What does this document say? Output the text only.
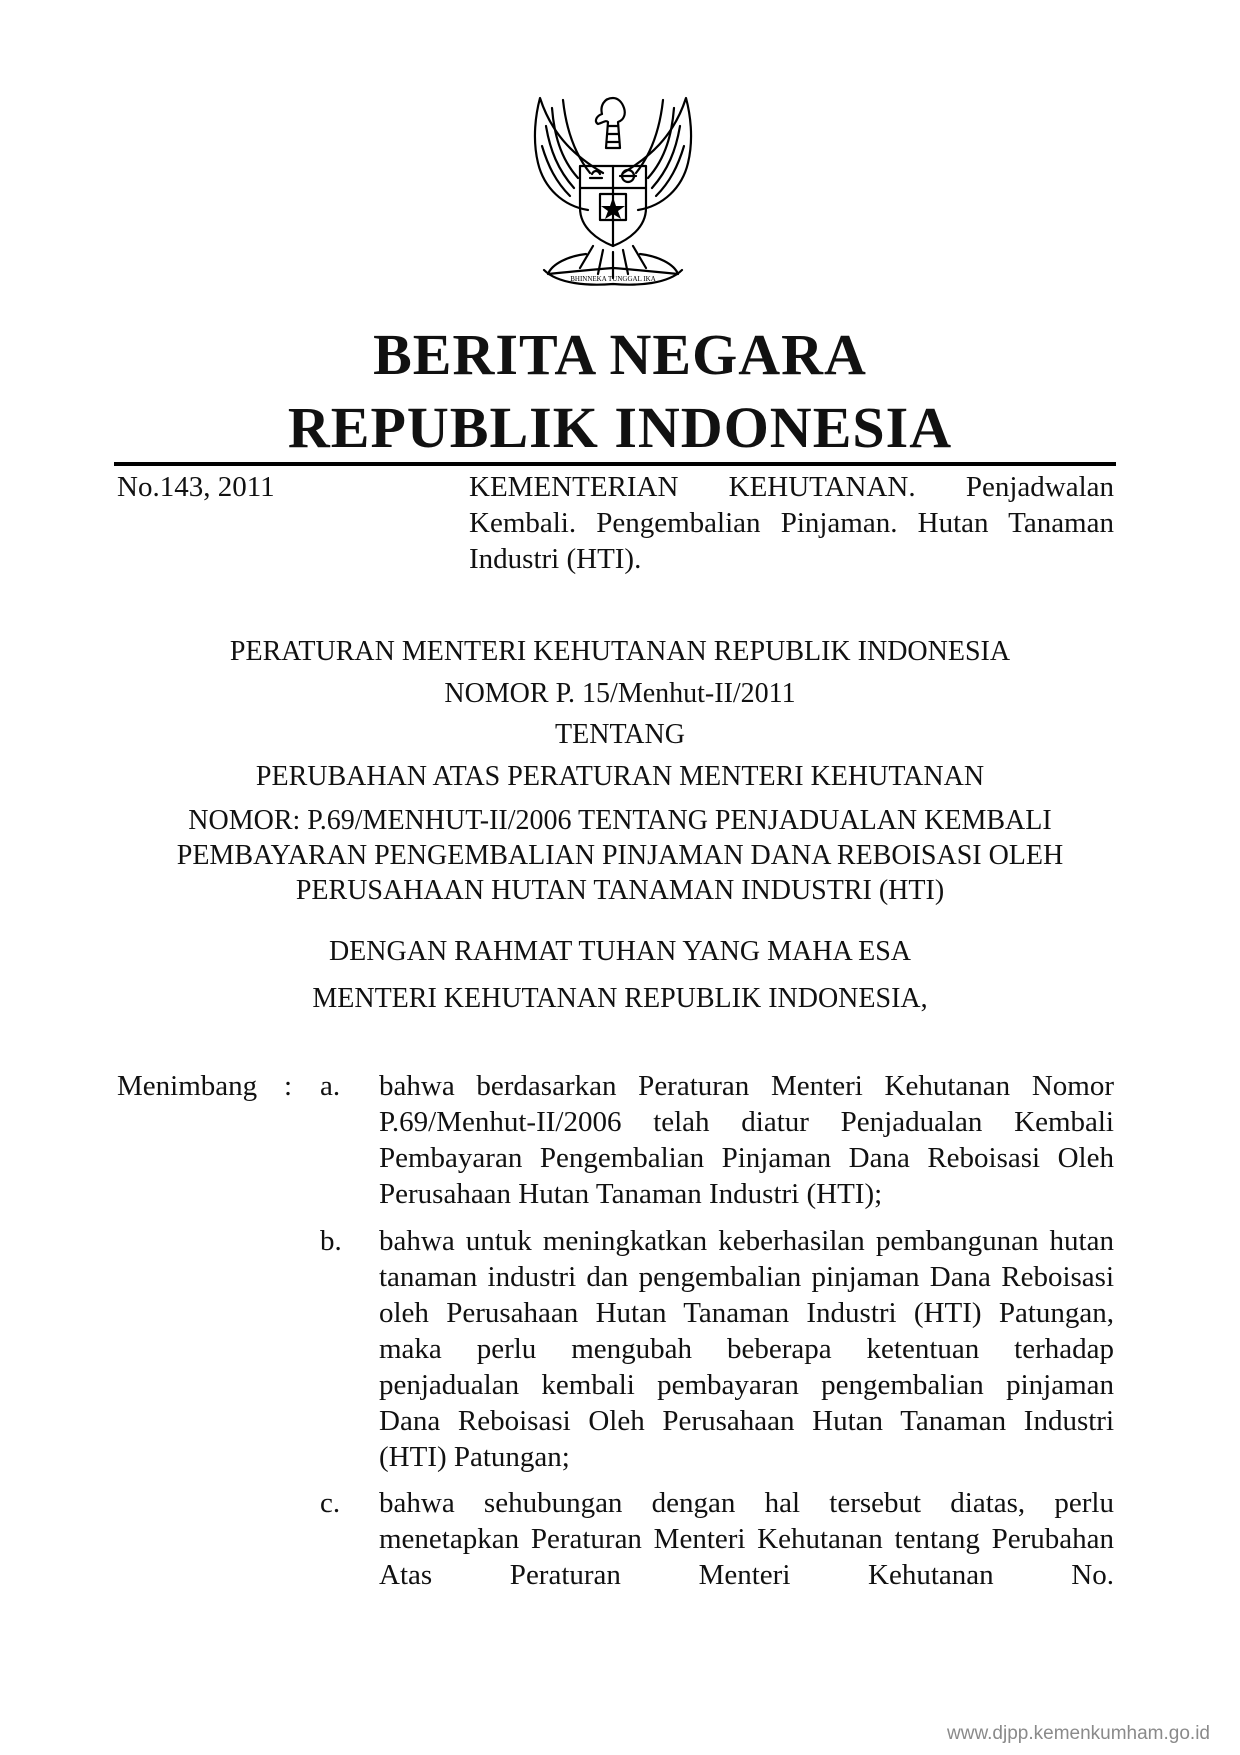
BHINNEKA TUNGGAL IKA
BERITA NEGARA
REPUBLIK INDONESIA
No.143, 2011	KEMENTERIAN KEHUTANAN. Penjadwalan Kembali. Pengembalian Pinjaman. Hutan Tanaman Industri (HTI).
PERATURAN MENTERI KEHUTANAN REPUBLIK INDONESIA
NOMOR P. 15/Menhut-II/2011
TENTANG
PERUBAHAN ATAS PERATURAN MENTERI KEHUTANAN
NOMOR: P.69/MENHUT-II/2006 TENTANG PENJADUALAN KEMBALI
PEMBAYARAN PENGEMBALIAN PINJAMAN DANA REBOISASI OLEH
PERUSAHAAN HUTAN TANAMAN INDUSTRI (HTI)
DENGAN RAHMAT TUHAN YANG MAHA ESA
MENTERI KEHUTANAN REPUBLIK INDONESIA,
Menimbang : a. bahwa berdasarkan Peraturan Menteri Kehutanan Nomor P.69/Menhut-II/2006 telah diatur Penjadualan Kembali Pembayaran Pengembalian Pinjaman Dana Reboisasi Oleh Perusahaan Hutan Tanaman Industri (HTI);
b. bahwa untuk meningkatkan keberhasilan pembangunan hutan tanaman industri dan pengembalian pinjaman Dana Reboisasi oleh Perusahaan Hutan Tanaman Industri (HTI) Patungan, maka perlu mengubah beberapa ketentuan terhadap penjadualan kembali pembayaran pengembalian pinjaman Dana Reboisasi Oleh Perusahaan Hutan Tanaman Industri (HTI) Patungan;
c. bahwa sehubungan dengan hal tersebut diatas, perlu menetapkan Peraturan Menteri Kehutanan tentang Perubahan Atas Peraturan Menteri Kehutanan No.
www.djpp.kemenkumham.go.id
